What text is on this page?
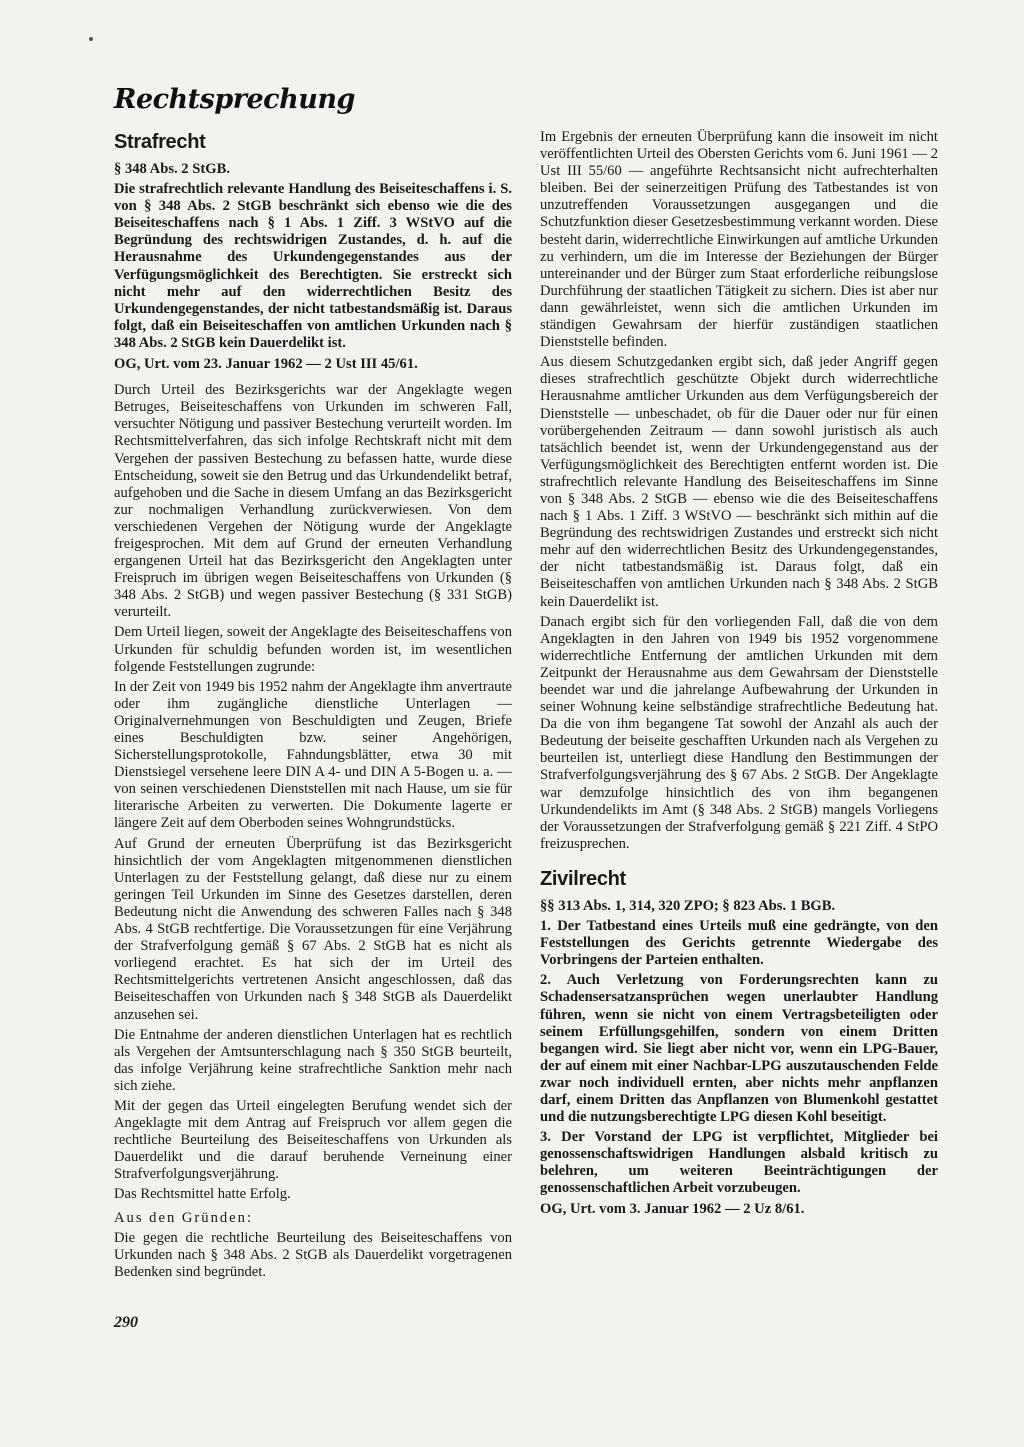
Rechtsprechung
Strafrecht
§ 348 Abs. 2 StGB.
Die strafrechtlich relevante Handlung des Beiseiteschaffens i. S. von § 348 Abs. 2 StGB beschränkt sich ebenso wie die des Beiseiteschaffens nach § 1 Abs. 1 Ziff. 3 WStVO auf die Begründung des rechtswidrigen Zustandes, d. h. auf die Herausnahme des Urkundengegenstandes aus der Verfügungsmöglichkeit des Berechtigten. Sie erstreckt sich nicht mehr auf den widerrechtlichen Besitz des Urkundengegenstandes, der nicht tatbestandsmäßig ist. Daraus folgt, daß ein Beiseiteschaffen von amtlichen Urkunden nach § 348 Abs. 2 StGB kein Dauerdelikt ist.
OG, Urt. vom 23. Januar 1962 — 2 Ust III 45/61.
Durch Urteil des Bezirksgerichts war der Angeklagte wegen Betruges, Beiseiteschaffens von Urkunden im schweren Fall, versuchter Nötigung und passiver Bestechung verurteilt worden. Im Rechtsmittelverfahren, das sich infolge Rechtskraft nicht mit dem Vergehen der passiven Bestechung zu befassen hatte, wurde diese Entscheidung, soweit sie den Betrug und das Urkundendelikt betraf, aufgehoben und die Sache in diesem Umfang an das Bezirksgericht zur nochmaligen Verhandlung zurückverwiesen. Von dem verschiedenen Vergehen der Nötigung wurde der Angeklagte freigesprochen. Mit dem auf Grund der erneuten Verhandlung ergangenen Urteil hat das Bezirksgericht den Angeklagten unter Freispruch im übrigen wegen Beiseiteschaffens von Urkunden (§ 348 Abs. 2 StGB) und wegen passiver Bestechung (§ 331 StGB) verurteilt.
Dem Urteil liegen, soweit der Angeklagte des Beiseiteschaffens von Urkunden für schuldig befunden worden ist, im wesentlichen folgende Feststellungen zugrunde:
In der Zeit von 1949 bis 1952 nahm der Angeklagte ihm anvertraute oder ihm zugängliche dienstliche Unterlagen — Originalvernehmungen von Beschuldigten und Zeugen, Briefe eines Beschuldigten bzw. seiner Angehörigen, Sicherstellungsprotokolle, Fahndungsblätter, etwa 30 mit Dienstsiegel versehene leere DIN A 4- und DIN A 5-Bogen u. a. — von seinen verschiedenen Dienststellen mit nach Hause, um sie für literarische Arbeiten zu verwerten. Die Dokumente lagerte er längere Zeit auf dem Oberboden seines Wohngrundstücks.
Auf Grund der erneuten Überprüfung ist das Bezirksgericht hinsichtlich der vom Angeklagten mitgenommenen dienstlichen Unterlagen zu der Feststellung gelangt, daß diese nur zu einem geringen Teil Urkunden im Sinne des Gesetzes darstellen, deren Bedeutung nicht die Anwendung des schweren Falles nach § 348 Abs. 4 StGB rechtfertige. Die Voraussetzungen für eine Verjährung der Strafverfolgung gemäß § 67 Abs. 2 StGB hat es nicht als vorliegend erachtet. Es hat sich der im Urteil des Rechtsmittelgerichts vertretenen Ansicht angeschlossen, daß das Beiseiteschaffen von Urkunden nach § 348 StGB als Dauerdelikt anzusehen sei.
Die Entnahme der anderen dienstlichen Unterlagen hat es rechtlich als Vergehen der Amtsunterschlagung nach § 350 StGB beurteilt, das infolge Verjährung keine strafrechtliche Sanktion mehr nach sich ziehe.
Mit der gegen das Urteil eingelegten Berufung wendet sich der Angeklagte mit dem Antrag auf Freispruch vor allem gegen die rechtliche Beurteilung des Beiseiteschaffens von Urkunden als Dauerdelikt und die darauf beruhende Verneinung einer Strafverfolgungsverjährung.
Das Rechtsmittel hatte Erfolg.
Aus den Gründen:
Die gegen die rechtliche Beurteilung des Beiseiteschaffens von Urkunden nach § 348 Abs. 2 StGB als Dauerdelikt vorgetragenen Bedenken sind begründet.
Im Ergebnis der erneuten Überprüfung kann die insoweit im nicht veröffentlichten Urteil des Obersten Gerichts vom 6. Juni 1961 — 2 Ust III 55/60 — angeführte Rechtsansicht nicht aufrechterhalten bleiben. Bei der seinerzeitigen Prüfung des Tatbestandes ist von unzutreffenden Voraussetzungen ausgegangen und die Schutzfunktion dieser Gesetzesbestimmung verkannt worden. Diese besteht darin, widerrechtliche Einwirkungen auf amtliche Urkunden zu verhindern, um die im Interesse der Beziehungen der Bürger untereinander und der Bürger zum Staat erforderliche reibungslose Durchführung der staatlichen Tätigkeit zu sichern. Dies ist aber nur dann gewährleistet, wenn sich die amtlichen Urkunden im ständigen Gewahrsam der hierfür zuständigen staatlichen Dienststelle befinden.
Aus diesem Schutzgedanken ergibt sich, daß jeder Angriff gegen dieses strafrechtlich geschützte Objekt durch widerrechtliche Herausnahme amtlicher Urkunden aus dem Verfügungsbereich der Dienststelle — unbeschadet, ob für die Dauer oder nur für einen vorübergehenden Zeitraum — dann sowohl juristisch als auch tatsächlich beendet ist, wenn der Urkundengegenstand aus der Verfügungsmöglichkeit des Berechtigten entfernt worden ist. Die strafrechtlich relevante Handlung des Beiseiteschaffens im Sinne von § 348 Abs. 2 StGB — ebenso wie die des Beiseiteschaffens nach § 1 Abs. 1 Ziff. 3 WStVO — beschränkt sich mithin auf die Begründung des rechtswidrigen Zustandes und erstreckt sich nicht mehr auf den widerrechtlichen Besitz des Urkundengegenstandes, der nicht tatbestandsmäßig ist. Daraus folgt, daß ein Beiseiteschaffen von amtlichen Urkunden nach § 348 Abs. 2 StGB kein Dauerdelikt ist.
Danach ergibt sich für den vorliegenden Fall, daß die von dem Angeklagten in den Jahren von 1949 bis 1952 vorgenommene widerrechtliche Entfernung der amtlichen Urkunden mit dem Zeitpunkt der Herausnahme aus dem Gewahrsam der Dienststelle beendet war und die jahrelange Aufbewahrung der Urkunden in seiner Wohnung keine selbständige strafrechtliche Bedeutung hat. Da die von ihm begangene Tat sowohl der Anzahl als auch der Bedeutung der beiseite geschafften Urkunden nach als Vergehen zu beurteilen ist, unterliegt diese Handlung den Bestimmungen der Strafverfolgungsverjährung des § 67 Abs. 2 StGB. Der Angeklagte war demzufolge hinsichtlich des von ihm begangenen Urkundendelikts im Amt (§ 348 Abs. 2 StGB) mangels Vorliegens der Voraussetzungen der Strafverfolgung gemäß § 221 Ziff. 4 StPO freizusprechen.
Zivilrecht
§§ 313 Abs. 1, 314, 320 ZPO; § 823 Abs. 1 BGB.
1. Der Tatbestand eines Urteils muß eine gedrängte, von den Feststellungen des Gerichts getrennte Wiedergabe des Vorbringens der Parteien enthalten.
2. Auch Verletzung von Forderungsrechten kann zu Schadensersatzansprüchen wegen unerlaubter Handlung führen, wenn sie nicht von einem Vertragsbeteiligten oder seinem Erfüllungsgehilfen, sondern von einem Dritten begangen wird. Sie liegt aber nicht vor, wenn ein LPG-Bauer, der auf einem mit einer Nachbar-LPG auszutauschenden Felde zwar noch individuell ernten, aber nichts mehr anpflanzen darf, einem Dritten das Anpflanzen von Blumenkohl gestattet und die nutzungsberechtigte LPG diesen Kohl beseitigt.
3. Der Vorstand der LPG ist verpflichtet, Mitglieder bei genossenschaftswidrigen Handlungen alsbald kritisch zu belehren, um weiteren Beeinträchtigungen der genossenschaftlichen Arbeit vorzubeugen.
OG, Urt. vom 3. Januar 1962 — 2 Uz 8/61.
290
